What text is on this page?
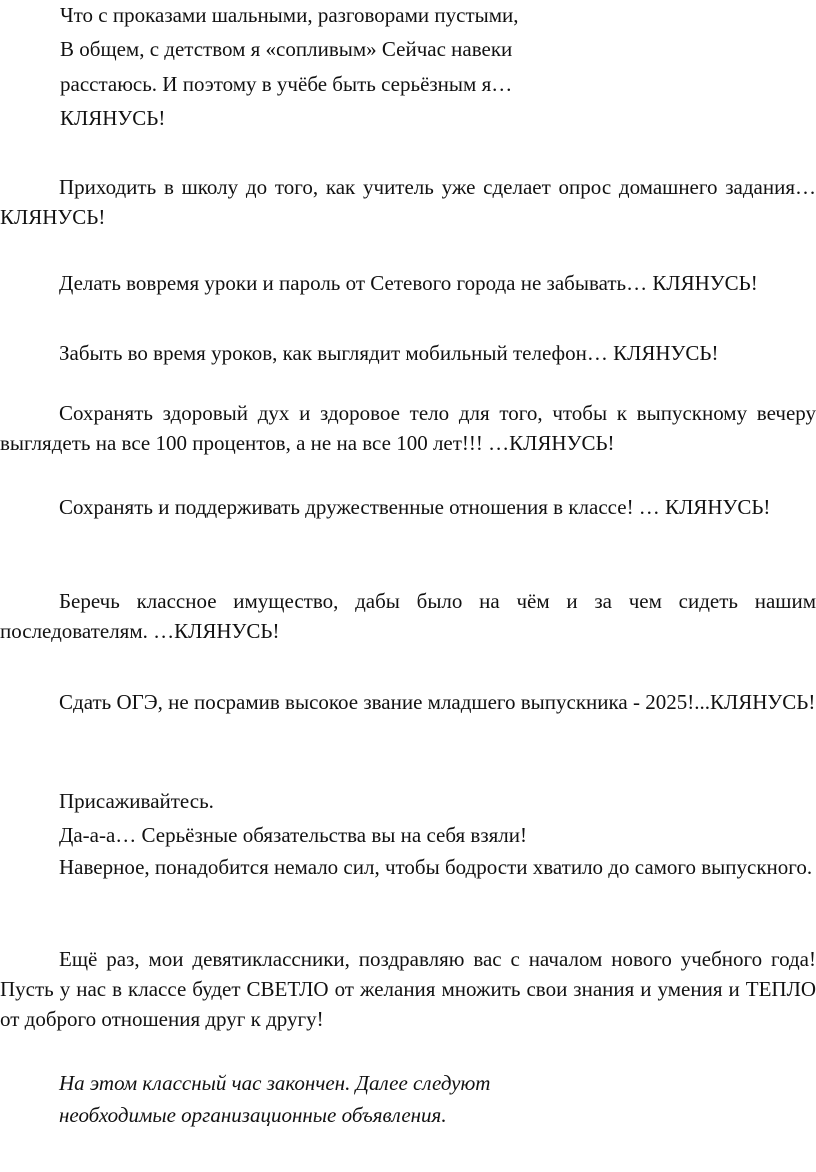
Что с проказами шальными, разговорами пустыми,
В общем, с детством я «сопливым» Сейчас навеки
расстаюсь. И поэтому в учёбе быть серьёзным я…
КЛЯНУСЬ!

Приходить в школу до того, как учитель уже сделает опрос домашнего задания… КЛЯНУСЬ!

Делать вовремя уроки и пароль от Сетевого города не забывать… КЛЯНУСЬ!

Забыть во время уроков, как выглядит мобильный телефон… КЛЯНУСЬ!

Сохранять здоровый дух и здоровое тело для того, чтобы к выпускному вечеру выглядеть на все 100 процентов, а не на все 100 лет!!! …КЛЯНУСЬ!

Сохранять и поддерживать дружественные отношения в классе! … КЛЯНУСЬ!

Беречь классное имущество, дабы было на чём и за чем сидеть нашим последователям. …КЛЯНУСЬ!

Сдать ОГЭ, не посрамив высокое звание младшего выпускника - 2025!...КЛЯНУСЬ!

Присаживайтесь.

Да-а-а… Серьёзные обязательства вы на себя взяли!

Наверное, понадобится немало сил, чтобы бодрости хватило до самого выпускного.

Ещё раз, мои девятиклассники, поздравляю вас с началом нового учебного года! Пусть у нас в классе будет СВЕТЛО от желания множить свои знания и умения и ТЕПЛО от доброго отношения друг к другу!

На этом классный час закончен. Далее следуют

необходимые организационные объявления.
